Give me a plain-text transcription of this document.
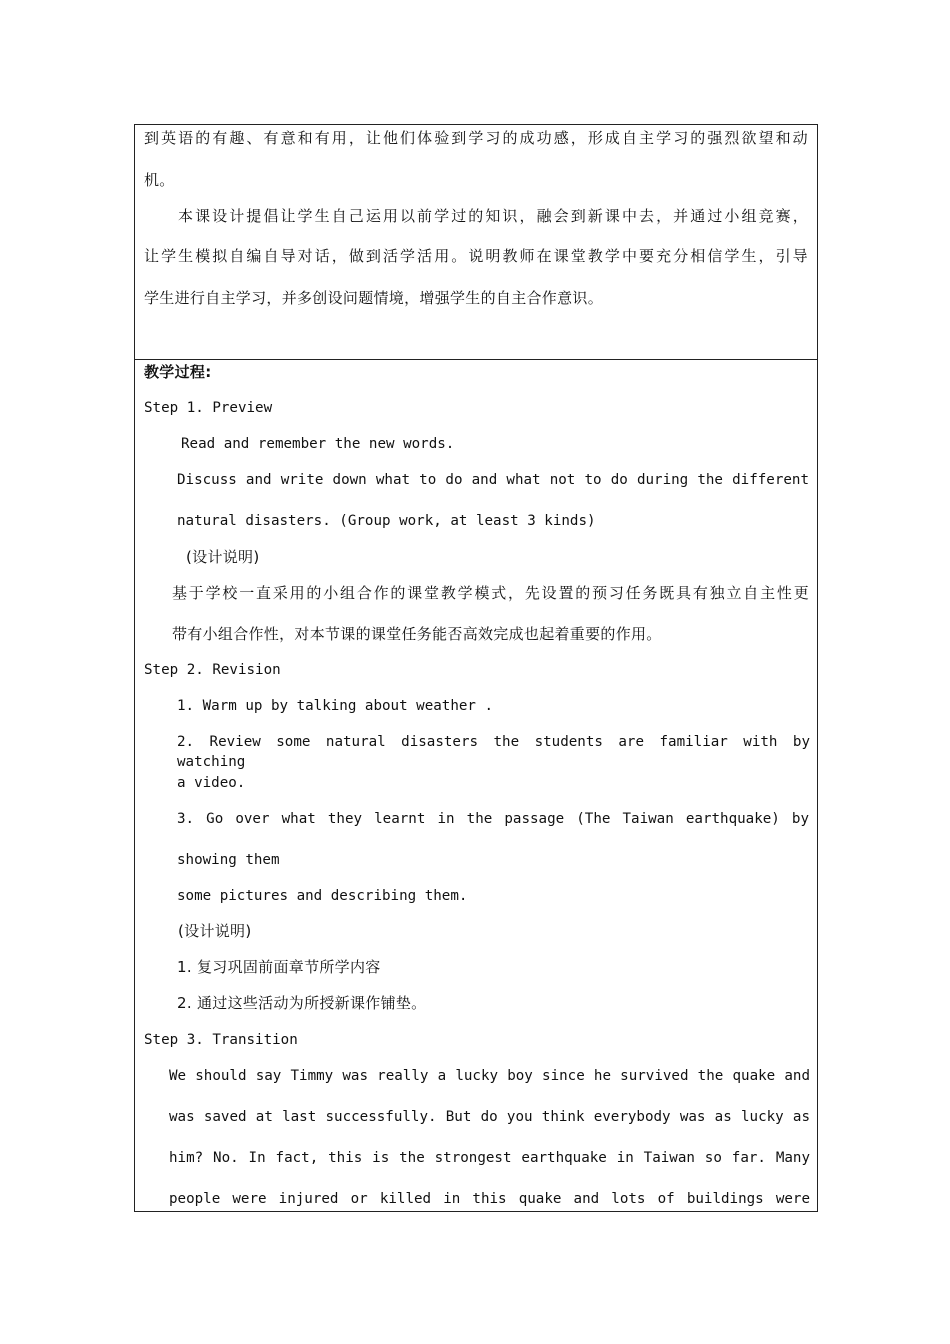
到英语的有趣、有意和有用，让他们体验到学习的成功感，形成自主学习的强烈欲望和动
机。
本课设计提倡让学生自己运用以前学过的知识，融会到新课中去，并通过小组竞赛，
让学生模拟自编自导对话，做到活学活用。说明教师在课堂教学中要充分相信学生，引导
学生进行自主学习，并多创设问题情境，增强学生的自主合作意识。
教学过程:
Step 1. Preview
Read and remember the new words.
Discuss and write down what to do and what not to do during the different
natural disasters. (Group work, at least 3 kinds)
(设计说明)
基于学校一直采用的小组合作的课堂教学模式，先设置的预习任务既具有独立自主性更
带有小组合作性，对本节课的课堂任务能否高效完成也起着重要的作用。
Step 2. Revision
1. Warm up by talking about weather .
2. Review some natural disasters the students are familiar with by watching
a video.
3. Go over what they learnt in the passage (The Taiwan earthquake) by
showing them
some pictures and describing them.
(设计说明)
1. 复习巩固前面章节所学内容
2. 通过这些活动为所授新课作铺垫。
Step 3. Transition
We should say Timmy was really a lucky boy since he survived the quake and
was saved at last successfully. But do you think everybody was as lucky as
him? No. In fact, this is the strongest earthquake in Taiwan so far. Many
people were injured or killed in this quake and lots of buildings were
